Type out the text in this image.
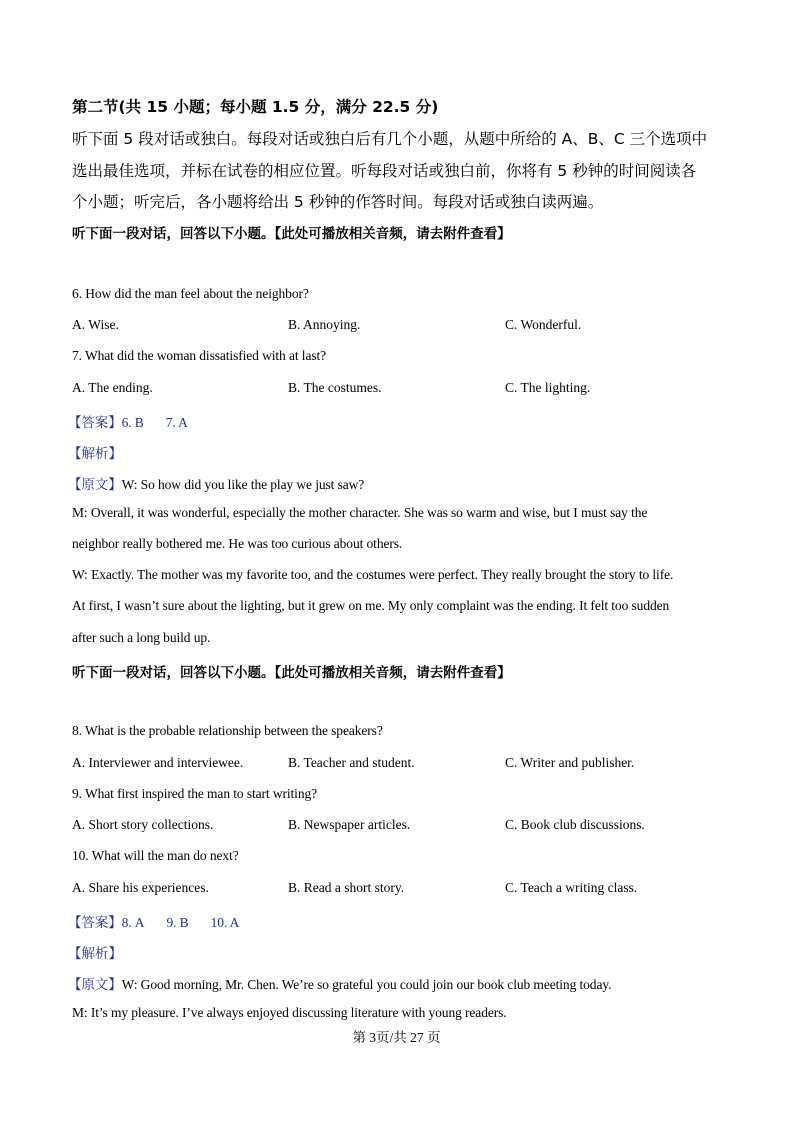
第二节(共 15 小题；每小题 1.5 分，满分 22.5 分)
听下面 5 段对话或独白。每段对话或独白后有几个小题，从题中所给的 A、B、C 三个选项中
选出最佳选项，并标在试卷的相应位置。听每段对话或独白前，你将有 5 秒钟的时间阅读各
个小题；听完后，各小题将给出 5 秒钟的作答时间。每段对话或独白读两遍。
听下面一段对话，回答以下小题。【此处可播放相关音频，请去附件查看】
6. How did the man feel about the neighbor?
A. Wise.	B. Annoying.	C. Wonderful.
7. What did the woman dissatisfied with at last?
A. The ending.	B. The costumes.	C. The lighting.
【答案】6. B 7. A
【解析】
【原文】W: So how did you like the play we just saw?
M: Overall, it was wonderful, especially the mother character. She was so warm and wise, but I must say the
neighbor really bothered me. He was too curious about others.
W: Exactly. The mother was my favorite too, and the costumes were perfect. They really brought the story to life.
At first, I wasn’t sure about the lighting, but it grew on me. My only complaint was the ending. It felt too sudden
after such a long build up.
听下面一段对话，回答以下小题。【此处可播放相关音频，请去附件查看】
8. What is the probable relationship between the speakers?
A. Interviewer and interviewee.	B. Teacher and student.	C. Writer and publisher.
9. What first inspired the man to start writing?
A. Short story collections.	B. Newspaper articles.	C. Book club discussions.
10. What will the man do next?
A. Share his experiences.	B. Read a short story.	C. Teach a writing class.
【答案】8. A 9. B 10. A
【解析】
【原文】W: Good morning, Mr. Chen. We’re so grateful you could join our book club meeting today.
M: It’s my pleasure. I’ve always enjoyed discussing literature with young readers.
第 3页/共 27 页
